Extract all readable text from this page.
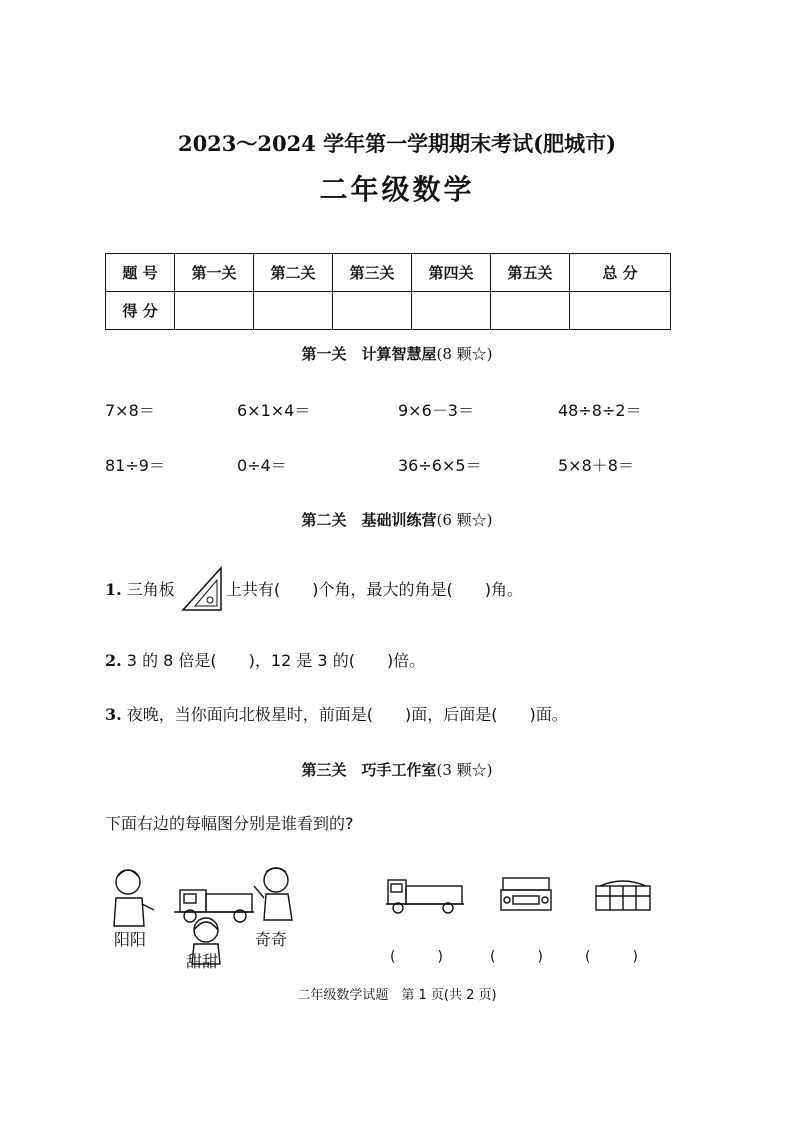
2023～2024 学年第一学期期末考试(肥城市)
二年级数学
题 号	第一关	第二关	第三关	第四关	第五关	总 分
得 分						
第一关　计算智慧屋(8 颗☆)
7×8＝	6×1×4＝	9×6－3＝	48÷8÷2＝
81÷9＝	0÷4＝	36÷6×5＝	5×8＋8＝
第二关　基础训练营(6 颗☆)
1. 三角板	上共有(　　)个角，最大的角是(　　)角。
2. 3 的 8 倍是(　　)，12 是 3 的(　　)倍。
3. 夜晚，当你面向北极星时，前面是(　　)面，后面是(　　)面。
第三关　巧手工作室(3 颗☆)
下面右边的每幅图分别是谁看到的?
阳阳
甜甜
奇奇
(　　　)	(　　　)	(　　　)
二年级数学试题　第 1 页(共 2 页)
